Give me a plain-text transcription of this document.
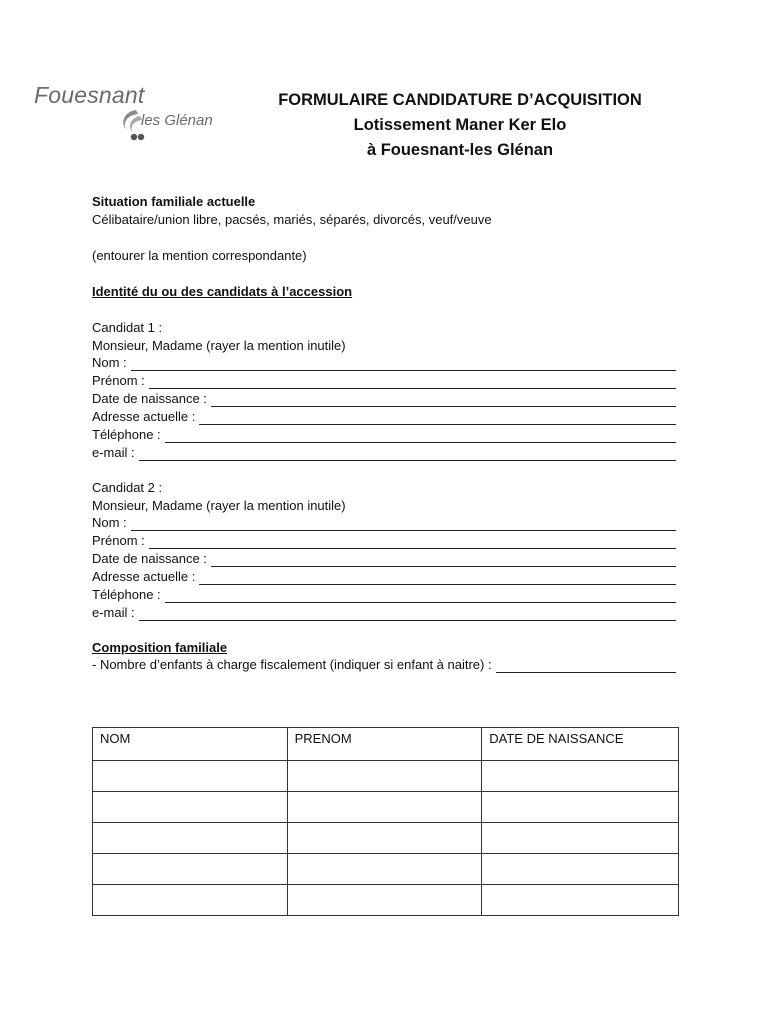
Fouesnant
les Glénan
FORMULAIRE CANDIDATURE D’ACQUISITION
Lotissement Maner Ker Elo
à Fouesnant-les Glénan
Situation familiale actuelle
Célibataire/union libre, pacsés, mariés, séparés, divorcés, veuf/veuve
(entourer la mention correspondante)
Identité du ou des candidats à l’accession
Candidat 1 :
Monsieur, Madame (rayer la mention inutile)
Nom :
Prénom :
Date de naissance :
Adresse actuelle :
Téléphone :
e-mail :
Candidat 2 :
Monsieur, Madame (rayer la mention inutile)
Nom :
Prénom :
Date de naissance :
Adresse actuelle :
Téléphone :
e-mail :
Composition familiale
- Nombre d’enfants à charge fiscalement (indiquer si enfant à naitre) :
NOM	PRENOM	DATE DE NAISSANCE
